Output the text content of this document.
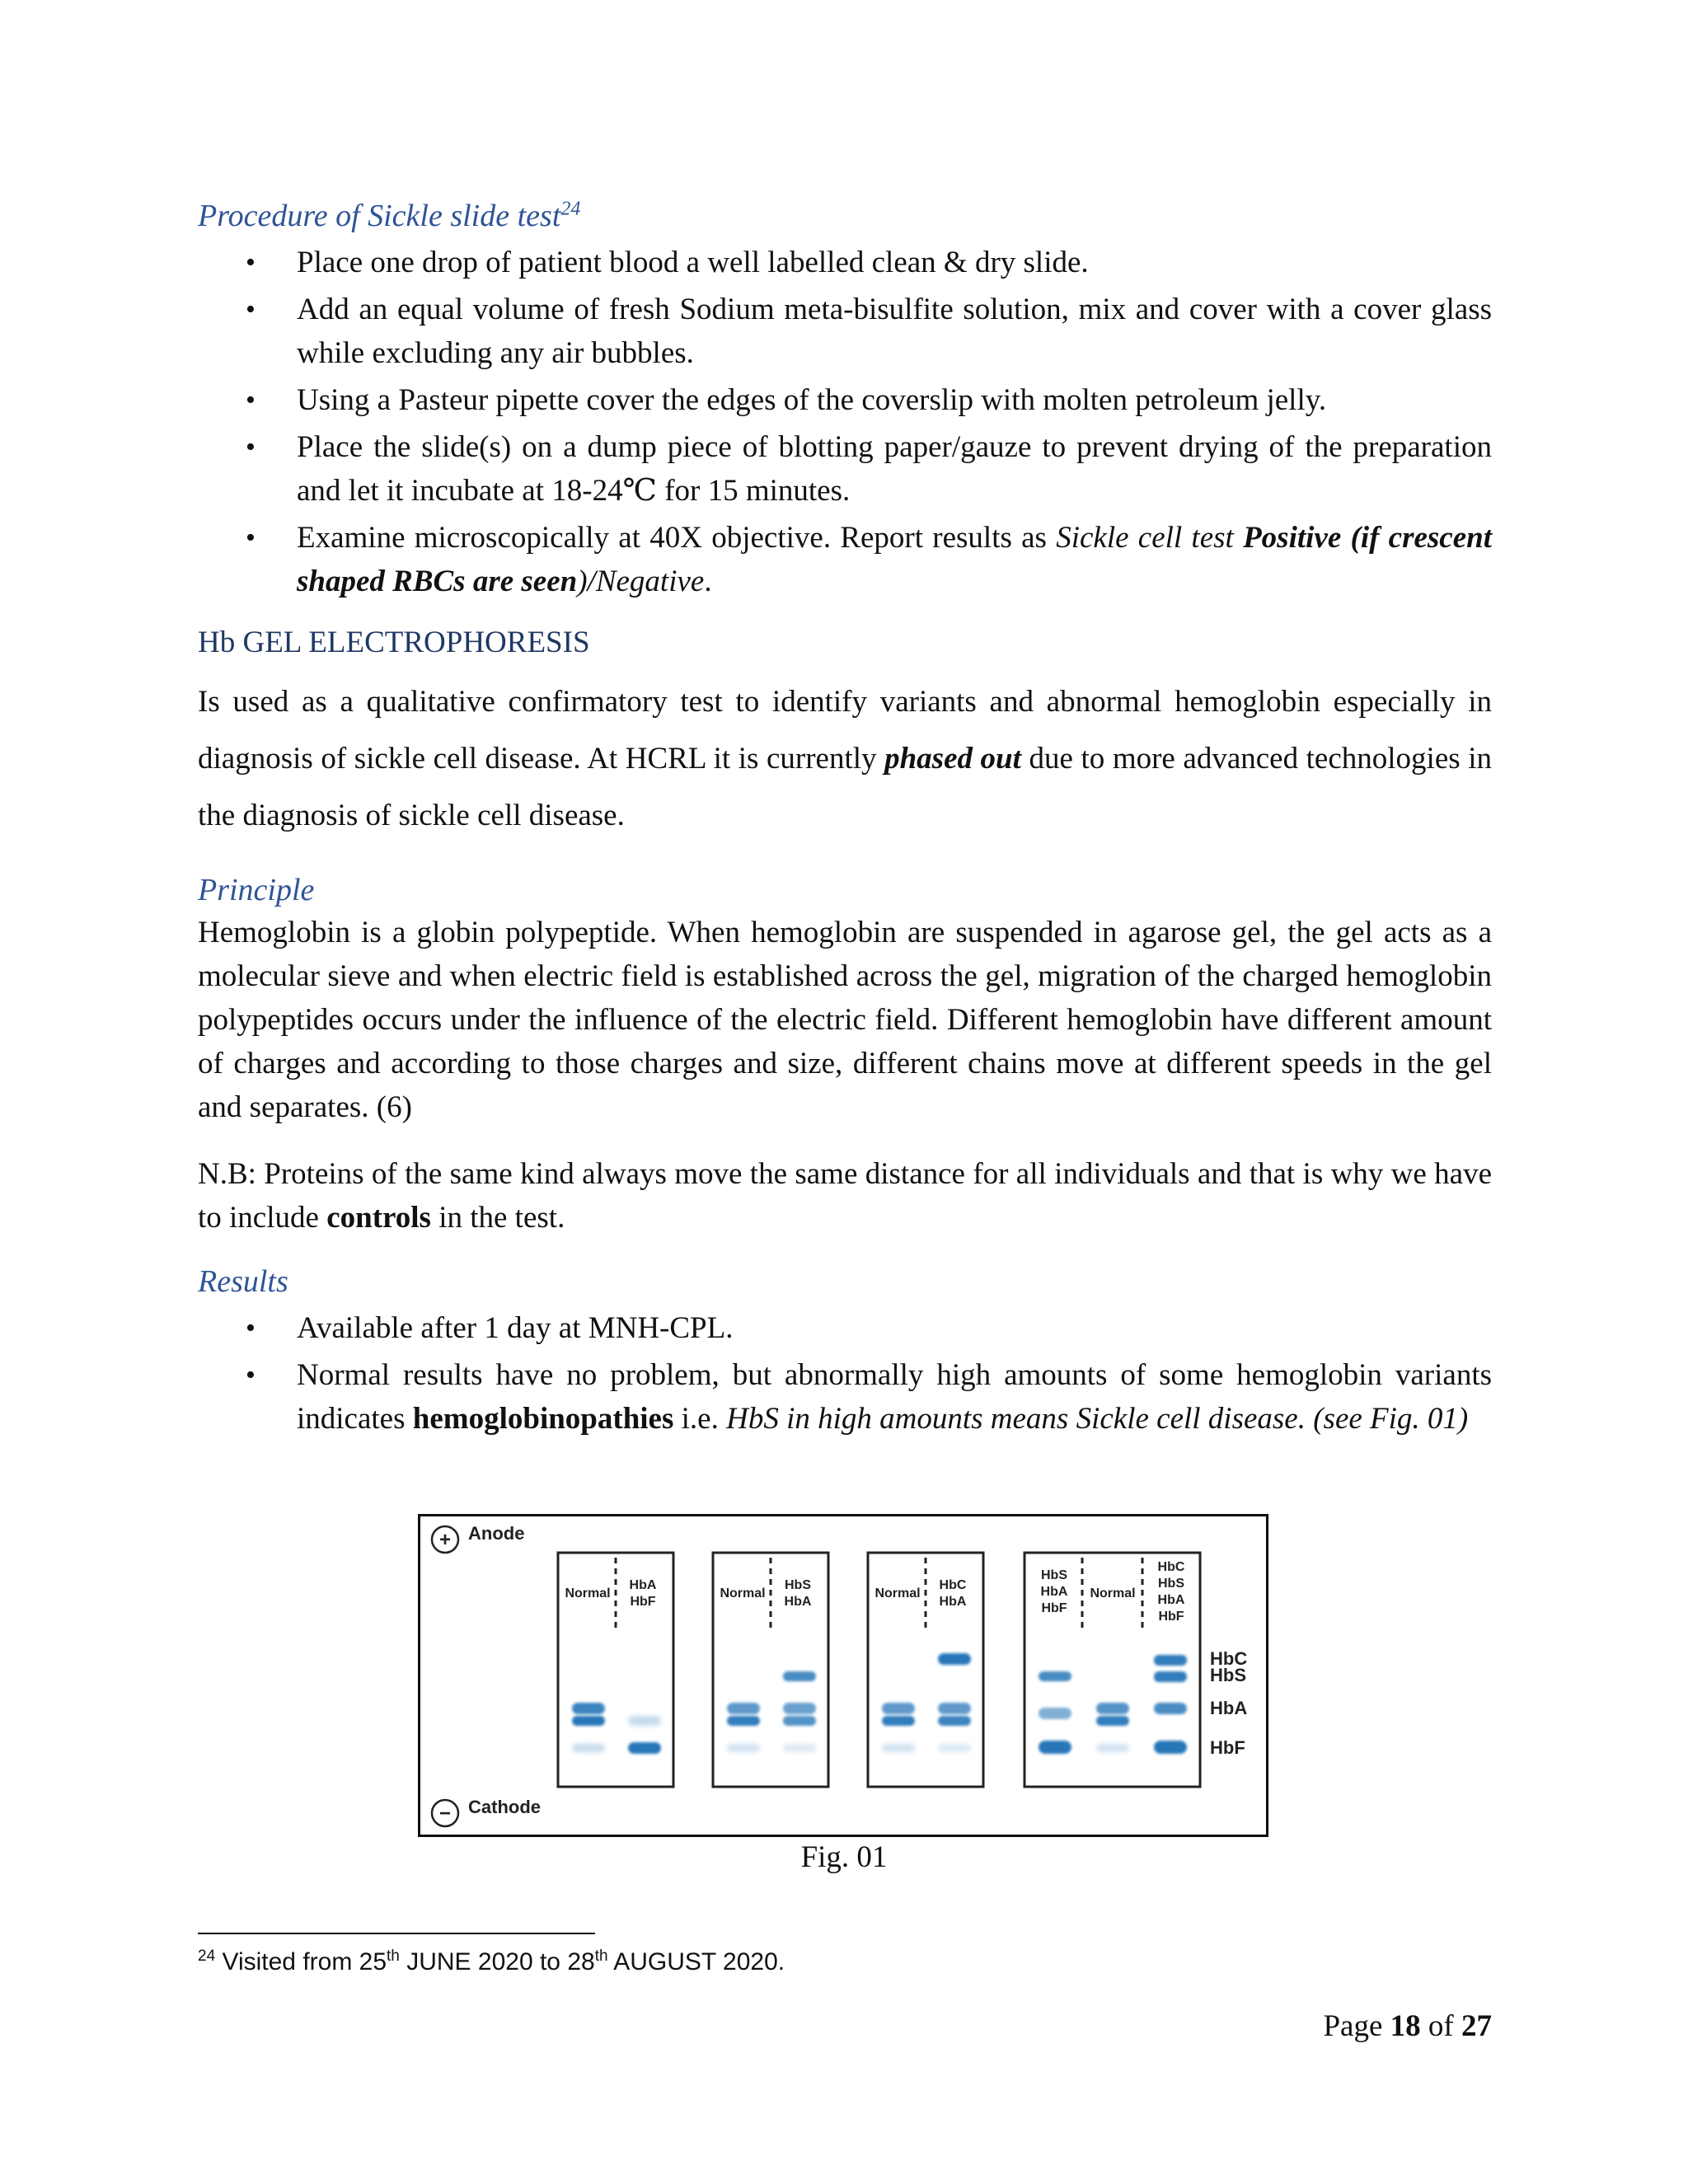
Procedure of Sickle slide test$^{24}$
• Place one drop of patient blood a well labelled clean & dry slide.
• Add an equal volume of fresh Sodium meta-bisulfite solution, mix and cover with a cover glass while excluding any air bubbles.
• Using a Pasteur pipette cover the edges of the coverslip with molten petroleum jelly.
• Place the slide(s) on a dump piece of blotting paper/gauze to prevent drying of the preparation and let it incubate at 18-24℃ for 15 minutes.
• Examine microscopically at 40X objective. Report results as Sickle cell test Positive (if crescent shaped RBCs are seen)/Negative.
Hb GEL ELECTROPHORESIS

Is used as a qualitative confirmatory test to identify variants and abnormal hemoglobin especially in diagnosis of sickle cell disease. At HCRL it is currently phased out due to more advanced technologies in the diagnosis of sickle cell disease.

Principle

Hemoglobin is a globin polypeptide. When hemoglobin are suspended in agarose gel, the gel acts as a molecular sieve and when electric field is established across the gel, migration of the charged hemoglobin polypeptides occurs under the influence of the electric field. Different hemoglobin have different amount of charges and according to those charges and size, different chains move at different speeds in the gel and separates. (6)

N.B: Proteins of the same kind always move the same distance for all individuals and that is why we have to include controls in the test.

Results
• Available after 1 day at MNH-CPL.
• Normal results have no problem, but abnormally high amounts of some hemoglobin variants indicates hemoglobinopathies i.e. HbS in high amounts means Sickle cell disease. (see Fig. 01)
+ Anode
− Cathode
Normal
HbA
HbF
Normal
HbS
HbA
Normal
HbC
HbA
HbS
HbA
HbF
Normal
HbC
HbS
HbA
HbF
HbC
HbS
HbA
HbF
Fig. 01
$^{24}$ Visited from 25th JUNE 2020 to 28th AUGUST 2020.
Page 18 of 27
